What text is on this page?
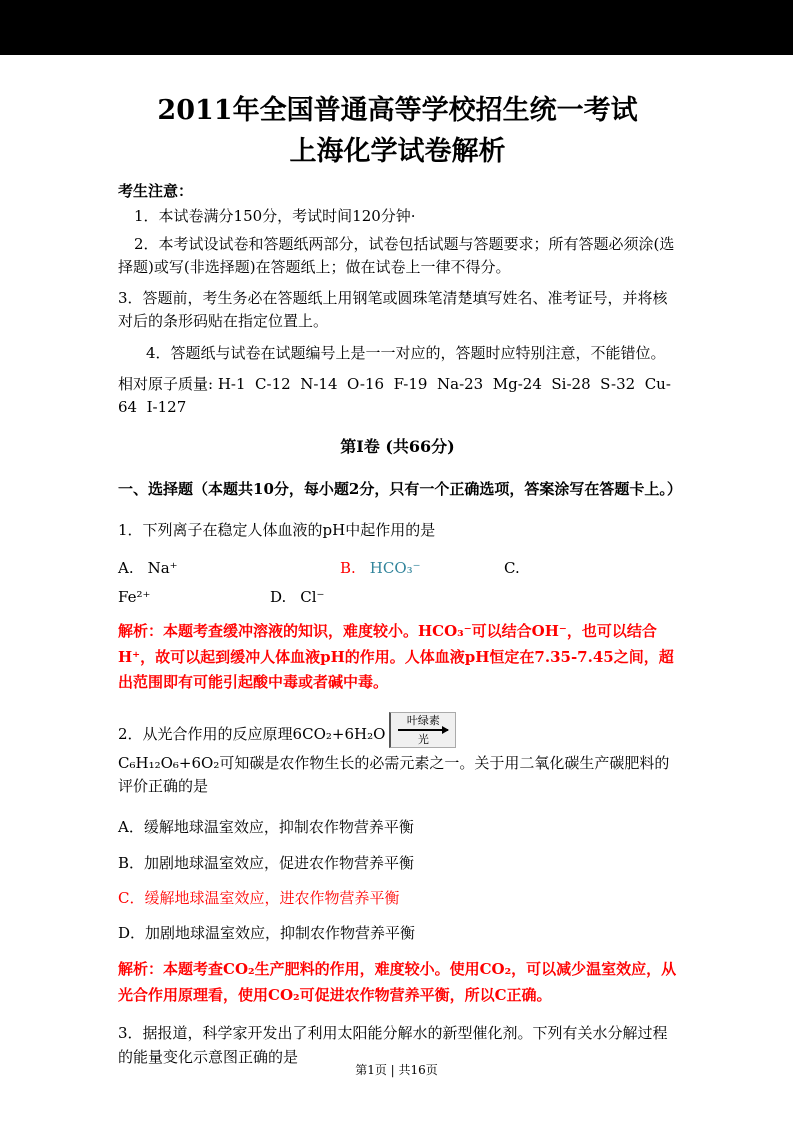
2011年全国普通高等学校招生统一考试
上海化学试卷解析

考生注意：

1．本试卷满分150分，考试时间120分钟·

2．本考试设试卷和答题纸两部分，试卷包括试题与答题要求；所有答题必须涂(选择题)或写(非选择题)在答题纸上；做在试卷上一律不得分。

3．答题前，考生务必在答题纸上用钢笔或圆珠笔清楚填写姓名、准考证号，并将核对后的条形码贴在指定位置上。

4．答题纸与试卷在试题编号上是一一对应的，答题时应特别注意，不能错位。

相对原子质量: H-1  C-12  N-14  O-16  F-19  Na-23  Mg-24  Si-28  S-32  Cu-64  I-127

第I卷 (共66分)
一、选择题（本题共10分，每小题2分，只有一个正确选项，答案涂写在答题卡上。）

1．下列离子在稳定人体血液的pH中起作用的是

A. Na⁺	B. HCO₃⁻	C.
Fe²⁺	D. Cl⁻

解析：本题考查缓冲溶液的知识，难度较小。HCO₃⁻可以结合OH⁻，也可以结合H⁺，故可以起到缓冲人体血液pH的作用。人体血液pH恒定在7.35-7.45之间，超出范围即有可能引起酸中毒或者碱中毒。

2．从光合作用的反应原理6CO₂+6H₂O
叶绿素
光

C₆H₁₂O₆+6O₂可知碳是农作物生长的必需元素之一。关于用二氧化碳生产碳肥料的评价正确的是

A．缓解地球温室效应，抑制农作物营养平衡

B．加剧地球温室效应，促进农作物营养平衡

C．缓解地球温室效应，进农作物营养平衡

D．加剧地球温室效应，抑制农作物营养平衡

解析：本题考查CO₂生产肥料的作用，难度较小。使用CO₂，可以减少温室效应，从光合作用原理看，使用CO₂可促进农作物营养平衡，所以C正确。

3．据报道，科学家开发出了利用太阳能分解水的新型催化剂。下列有关水分解过程的能量变化示意图正确的是

第1页 | 共16页
